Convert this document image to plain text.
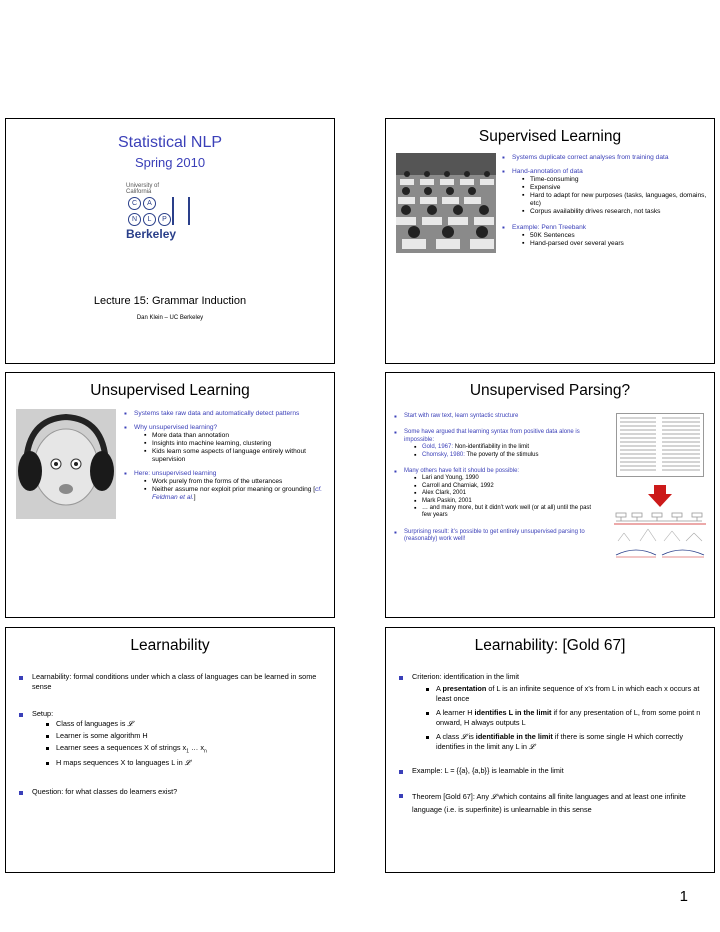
Statistical NLP
Spring 2010
University of
California
C	A
N	L	P
Berkeley
Lecture 15: Grammar Induction
Dan Klein – UC Berkeley
Supervised Learning
▪ Systems duplicate correct analyses from training data
▪ Hand-annotation of data
▪ Time-consuming
▪ Expensive
▪ Hard to adapt for new purposes (tasks, languages, domains, etc)
▪ Corpus availability drives research, not tasks
▪ Example: Penn Treebank
▪ 50K Sentences
▪ Hand-parsed over several years
Unsupervised Learning
▪ Systems take raw data and automatically detect patterns
▪ Why unsupervised learning?
▪ More data than annotation
▪ Insights into machine learning, clustering
▪ Kids learn some aspects of language entirely without supervision
▪ Here: unsupervised learning
▪ Work purely from the forms of the utterances
▪ Neither assume nor exploit prior meaning or grounding [cf.
Feldman et al.]
Unsupervised Parsing?
▪ Start with raw text, learn syntactic structure
▪ Some have argued that learning syntax from positive data alone is impossible:
▪ Gold, 1967: Non-identifiability in the limit
▪ Chomsky, 1980: The poverty of the stimulus
▪ Many others have felt it should be possible:
▪ Lari and Young, 1990
▪ Carroll and Charniak, 1992
▪ Alex Clark, 2001
▪ Mark Paskin, 2001
▪ … and many more, but it didn’t work well (or at all) until the past few years
▪ Surprising result: it’s possible to get entirely unsupervised parsing to (reasonably) work well!
Learnability
Learnability: formal conditions under which a class of languages can be learned in some sense
Setup:
Class of languages is 𝓛
Learner is some algorithm H
Learner sees a sequences X of strings $x_1$ … $x_n$
H maps sequences X to languages L in 𝓛
Question: for what classes do learners exist?
Learnability: [Gold 67]
Criterion: identification in the limit
A presentation of L is an infinite sequence of x’s from L in which each x occurs at least once
A learner H identifies L in the limit if for any presentation of L, from some point n onward, H always outputs L
A class 𝓛 is identifiable in the limit if there is some single H which correctly identifies in the limit any L in 𝓛
Example: L = {{a}, {a,b}} is learnable in the limit
Theorem [Gold 67]: Any 𝓛 which contains all finite languages and at least one infinite language (i.e. is superfinite) is unlearnable in this sense
1
